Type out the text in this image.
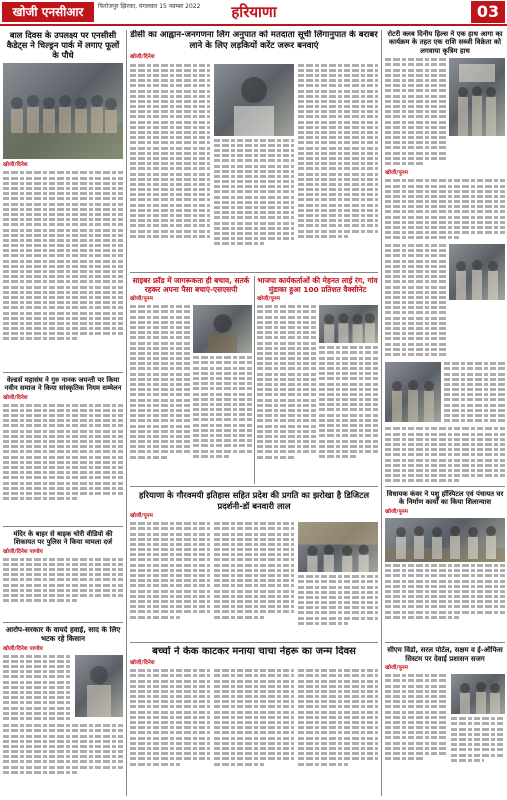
खोजी एनसीआर	फिरोजपुर झिरका, मंगलवार 15 नवम्बर 2022	हरियाणा	03
बाल दिवस के उपलक्ष्य पर एनसीसी कैडेट्स ने चिल्ड्रन पार्क में लगाए फूलों के पौधे
खोजी/दिनेश
वेल्डर्स महासंघ ने गुरु नानक जयन्ती पर किया नवीन समाज ने किया सांस्कृतिक नियम सम्मेलन
खोजी/दिनेश
मंदिर के बाहर से बाइक चोरी वीडियो की शिकायत पर पुलिस ने किया मामला दर्ज
खोजी/दिनेश पाण्डेय
आरोप-सरकार के वायदे हवाई, साद के लिए भटक रहे किसान
खोजी/दिनेश पाण्डेय
डीसी का आह्वान-जनगणना लिंग अनुपात को मतदाता सूची लिंगानुपात के बराबर लाने के लिए लड़कियों करेंट जरूर बनवाएं
खोजी/दिनेश
साइबर फ्रॉड में जागरूकता ही बचाव, सतर्क रहकर अपना पैसा बचाएं-एसएसपी
खोजी/पूनम
भाजपा कार्यकर्ताओं की मेहनत लाई रंग, गांव मुंडाका हुआ 100 प्रतिशत वैक्सीनेट
खोजी/पूनम
हरियाणा के गौरवमयी इतिहास सहित प्रदेश की प्रगति का झरोखा है डिजिटल प्रदर्शनी-डॉ बनवारी लाल
खोजी/पूनम
बच्चों ने केक काटकर मनाया चाचा नेहरू का जन्म दिवस
खोजी/दिनेश
रोटरी क्लब दिनीय हिल्स ने एक हाथ आगा का कार्यक्रम के तहत एक राशि सब्जी विक्रेता को लगवाया कृत्रिम हाथ
खोजी/पूनम
विधायक कंवर ने पशु हॉस्पिटल एवं पंचायत घर के निर्माण कार्यों का किया शिलान्यास
खोजी/पूनम
सीएम विंडो, सरल पोर्टल, सक्षम व ई-ऑफिस सिस्टम पर देवाई प्रशासन सजग
खोजी/पूनम
